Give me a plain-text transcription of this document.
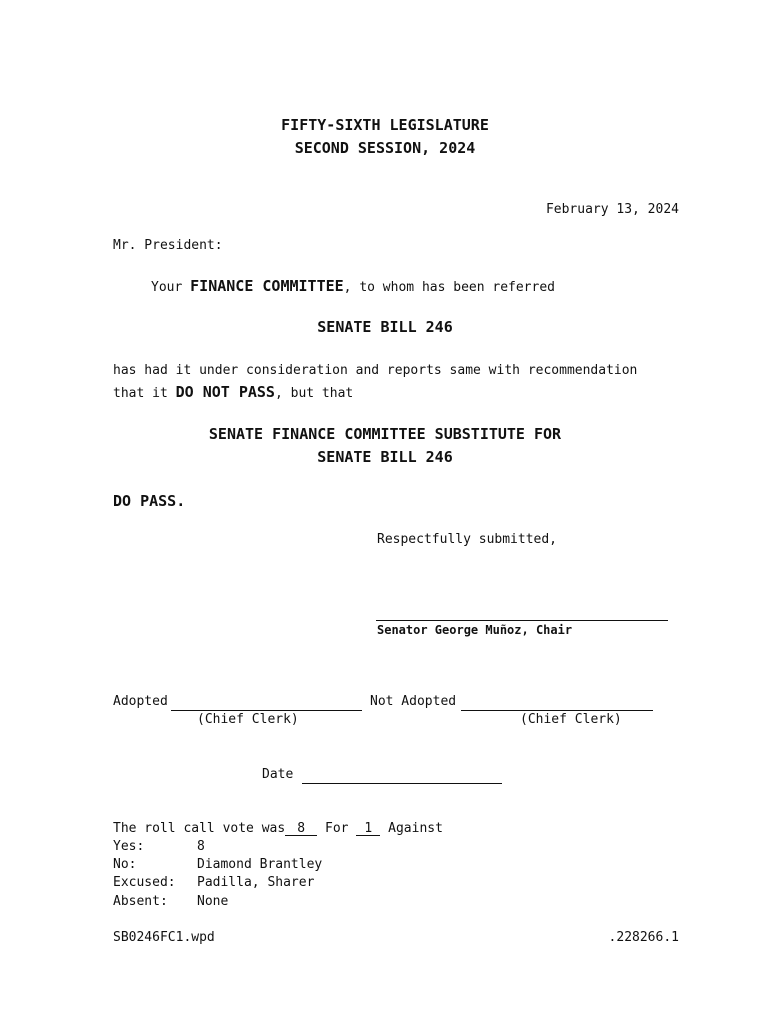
FIFTY-SIXTH LEGISLATURE
SECOND SESSION, 2024
February 13, 2024
Mr. President:
Your FINANCE COMMITTEE, to whom has been referred
SENATE BILL 246
has had it under consideration and reports same with recommendation
that it DO NOT PASS, but that
SENATE FINANCE COMMITTEE SUBSTITUTE FOR
SENATE BILL 246
DO PASS.
Respectfully submitted,
Senator George Muñoz, Chair
Adopted
(Chief Clerk)
Not Adopted
(Chief Clerk)
Date
The roll call vote was 8 For 1 Against
Yes:	8
No:	Diamond Brantley
Excused: Padilla, Sharer
Absent: None
SB0246FC1.wpd	.228266.1
